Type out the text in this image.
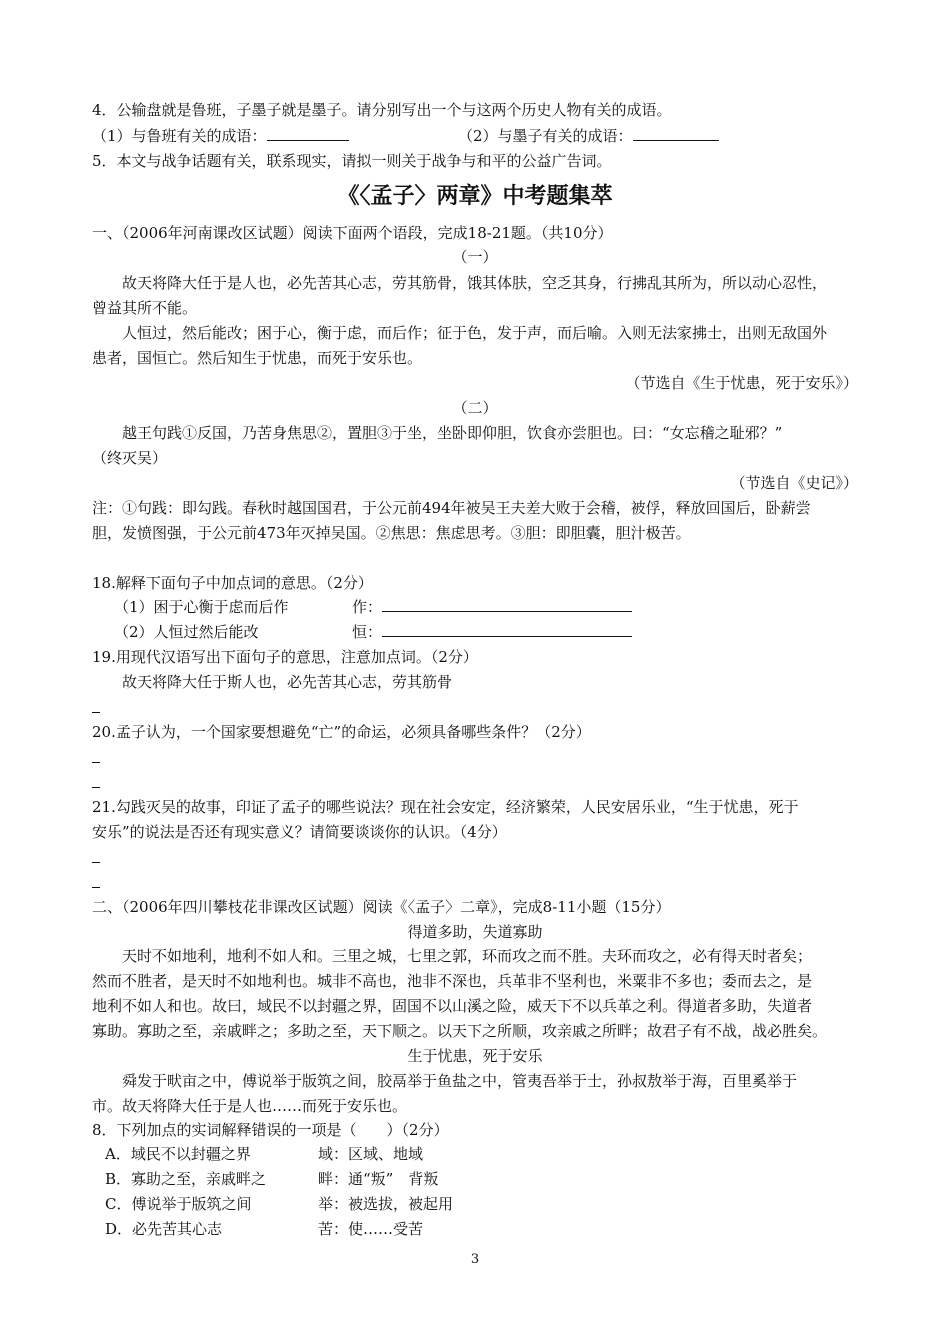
4．公输盘就是鲁班，子墨子就是墨子。请分别写出一个与这两个历史人物有关的成语。
（1）与鲁班有关的成语：	（2）与墨子有关的成语：
5．本文与战争话题有关，联系现实，请拟一则关于战争与和平的公益广告词。
《〈孟子〉两章》中考题集萃
一、（2006年河南课改区试题）阅读下面两个语段，完成18-21题。（共10分）
（一）
故天将降大任于是人也，必先苦其心志，劳其筋骨，饿其体肤，空乏其身，行拂乱其所为，所以动心忍性，
曾益其所不能。
人恒过，然后能改；困于心，衡于虑，而后作；征于色，发于声，而后喻。入则无法家拂士，出则无敌国外
患者，国恒亡。然后知生于忧患，而死于安乐也。
（节选自《生于忧患，死于安乐》）
（二）
越王句践①反国，乃苦身焦思②，置胆③于坐，坐卧即仰胆，饮食亦尝胆也。曰：“女忘稽之耻邪？”
（终灭吴）
（节选自《史记》）
注：①句践：即勾践。春秋时越国国君，于公元前494年被吴王夫差大败于会稽，被俘，释放回国后，卧薪尝
胆，发愤图强，于公元前473年灭掉吴国。②焦思：焦虑思考。③胆：即胆囊，胆汁极苦。
18.解释下面句子中加点词的意思。（2分）
（1）困于心衡于虑而后作	作：
（2）人恒过然后能改	恒：
19.用现代汉语写出下面句子的意思，注意加点词。（2分）
故天将降大任于斯人也，必先苦其心志，劳其筋骨
20.孟子认为，一个国家要想避免“亡”的命运，必须具备哪些条件？（2分）
21.勾践灭吴的故事，印证了孟子的哪些说法？现在社会安定，经济繁荣，人民安居乐业，“生于忧患，死于
安乐”的说法是否还有现实意义？请简要谈谈你的认识。（4分）
二、（2006年四川攀枝花非课改区试题）阅读《〈孟子〉二章》，完成8-11小题（15分）
得道多助，失道寡助
天时不如地利，地利不如人和。三里之城，七里之郭，环而攻之而不胜。夫环而攻之，必有得天时者矣；
然而不胜者，是天时不如地利也。城非不高也，池非不深也，兵革非不坚利也，米粟非不多也；委而去之，是
地利不如人和也。故曰，域民不以封疆之界，固国不以山溪之险，威天下不以兵革之利。得道者多助，失道者
寡助。寡助之至，亲戚畔之；多助之至，天下顺之。以天下之所顺，攻亲戚之所畔；故君子有不战，战必胜矣。
生于忧患，死于安乐
舜发于畎亩之中，傅说举于版筑之间，胶鬲举于鱼盐之中，管夷吾举于士，孙叔敖举于海，百里奚举于
市。故天将降大任于是人也……而死于安乐也。
8．下列加点的实词解释错误的一项是（　　）（2分）
A．域民不以封疆之界	域：区域、地域
B．寡助之至，亲戚畔之	畔：通“叛”　背叛
C．傅说举于版筑之间	举：被选拔，被起用
D．必先苦其心志	苦：使……受苦
3
